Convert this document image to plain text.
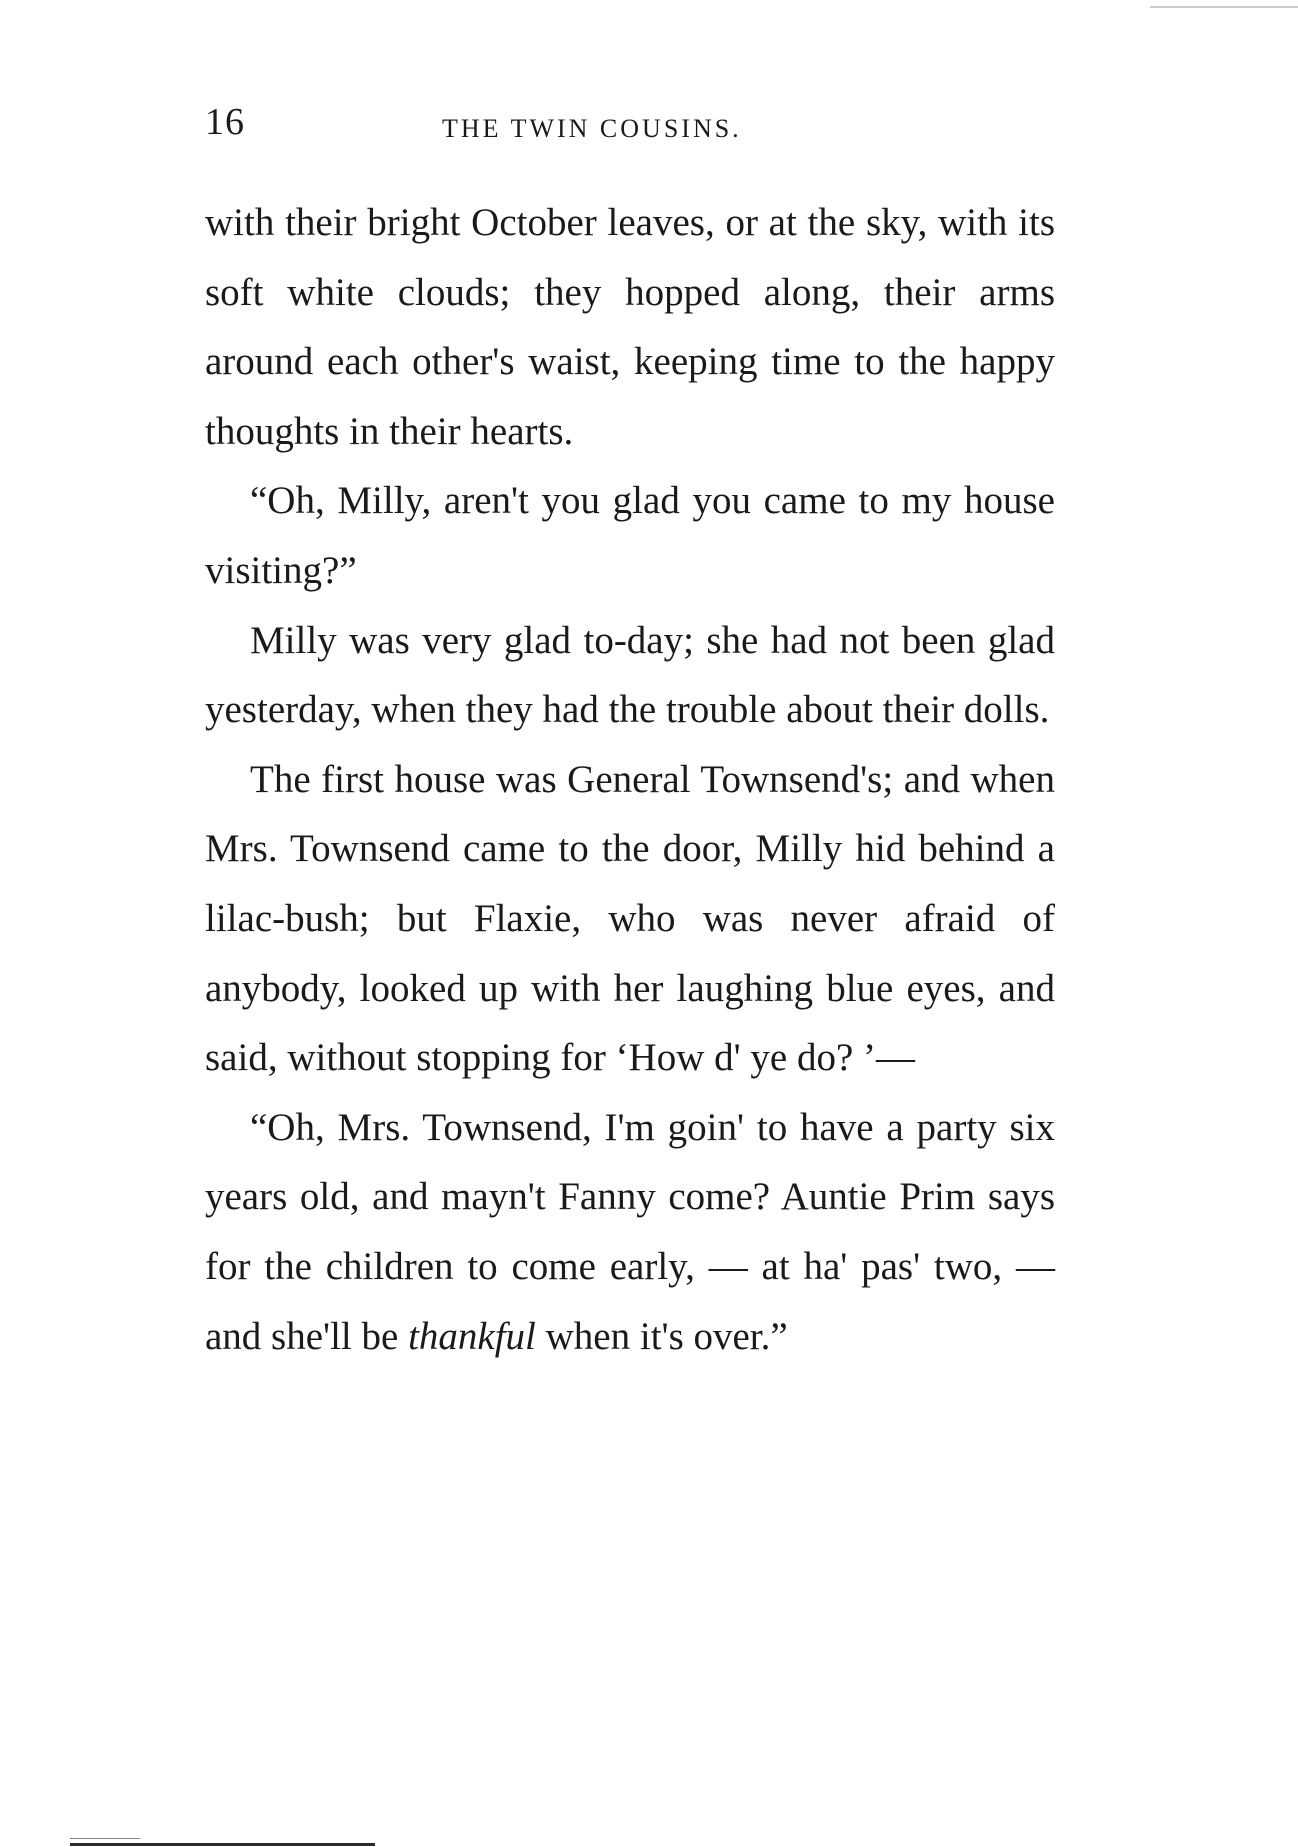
16	THE TWIN COUSINS.

with their bright October leaves, or at the sky, with its soft white clouds; they hopped along, their arms around each other's waist, keeping time to the happy thoughts in their hearts.

“Oh, Milly, aren't you glad you came to my house visiting?”

Milly was very glad to-day; she had not been glad yesterday, when they had the trouble about their dolls.

The first house was General Townsend's; and when Mrs. Townsend came to the door, Milly hid behind a lilac-bush; but Flaxie, who was never afraid of anybody, looked up with her laughing blue eyes, and said, without stopping for ‘How d' ye do? ’—

“Oh, Mrs. Townsend, I'm goin' to have a party six years old, and mayn't Fanny come? Auntie Prim says for the children to come early, — at ha' pas' two, — and she'll be thankful when it's over.”
